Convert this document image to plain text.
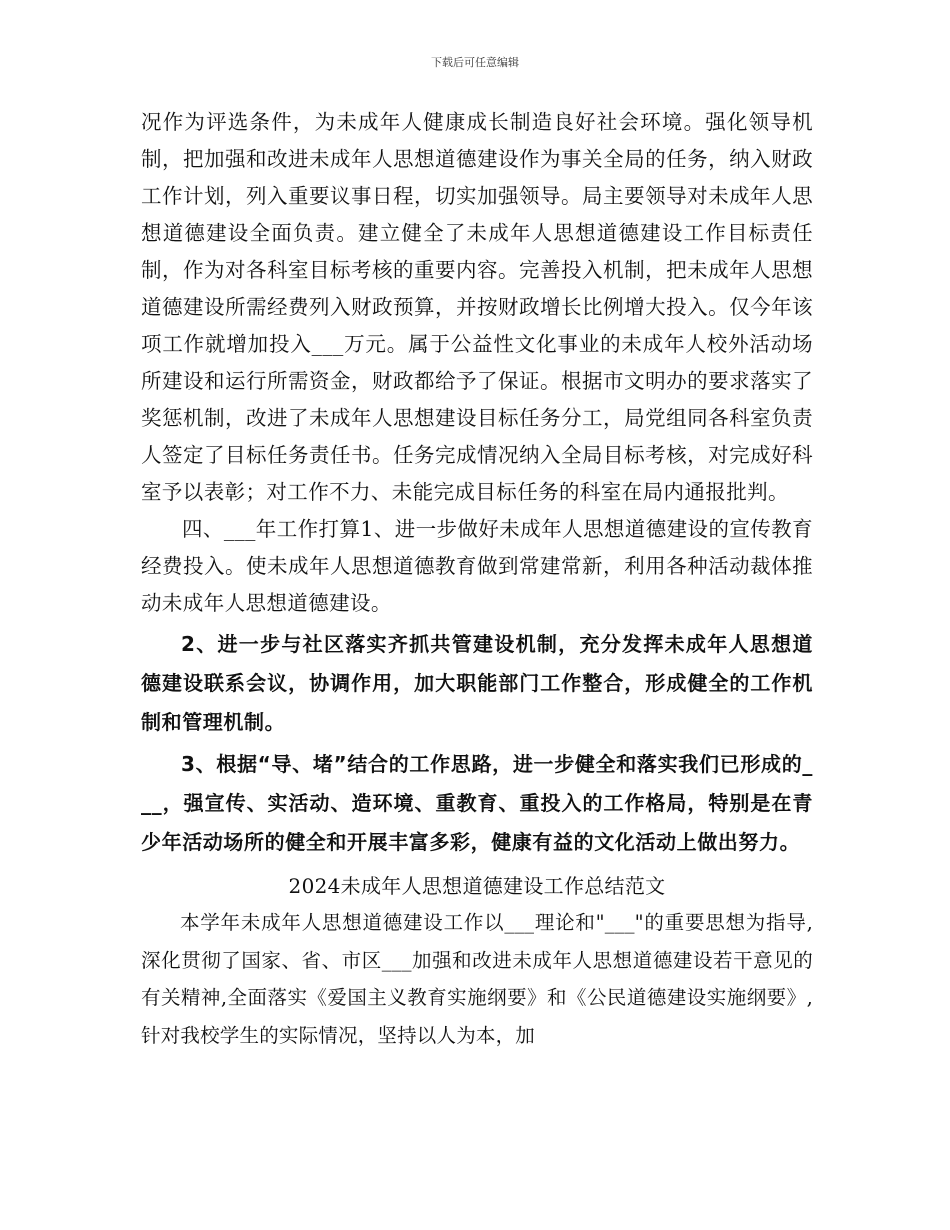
下载后可任意编辑

况作为评选条件，为未成年人健康成长制造良好社会环境。强化领导机制，把加强和改进未成年人思想道德建设作为事关全局的任务，纳入财政工作计划，列入重要议事日程，切实加强领导。局主要领导对未成年人思想道德建设全面负责。建立健全了未成年人思想道德建设工作目标责任制，作为对各科室目标考核的重要内容。完善投入机制，把未成年人思想道德建设所需经费列入财政预算，并按财政增长比例增大投入。仅今年该项工作就增加投入___万元。属于公益性文化事业的未成年人校外活动场所建设和运行所需资金，财政都给予了保证。根据市文明办的要求落实了奖惩机制，改进了未成年人思想建设目标任务分工，局党组同各科室负责人签定了目标任务责任书。任务完成情况纳入全局目标考核，对完成好科室予以表彰；对工作不力、未能完成目标任务的科室在局内通报批判。

四、___年工作打算1、进一步做好未成年人思想道德建设的宣传教育经费投入。使未成年人思想道德教育做到常建常新，利用各种活动裁体推动未成年人思想道德建设。

2、进一步与社区落实齐抓共管建设机制，充分发挥未成年人思想道德建设联系会议，协调作用，加大职能部门工作整合，形成健全的工作机制和管理机制。

3、根据“导、堵”结合的工作思路，进一步健全和落实我们已形成的___，强宣传、实活动、造环境、重教育、重投入的工作格局，特别是在青少年活动场所的健全和开展丰富多彩，健康有益的文化活动上做出努力。

2024未成年人思想道德建设工作总结范文

本学年未成年人思想道德建设工作以___理论和"___"的重要思想为指导,深化贯彻了国家、省、市区___加强和改进未成年人思想道德建设若干意见的有关精神,全面落实《爱国主义教育实施纲要》和《公民道德建设实施纲要》,针对我校学生的实际情况，坚持以人为本，加
